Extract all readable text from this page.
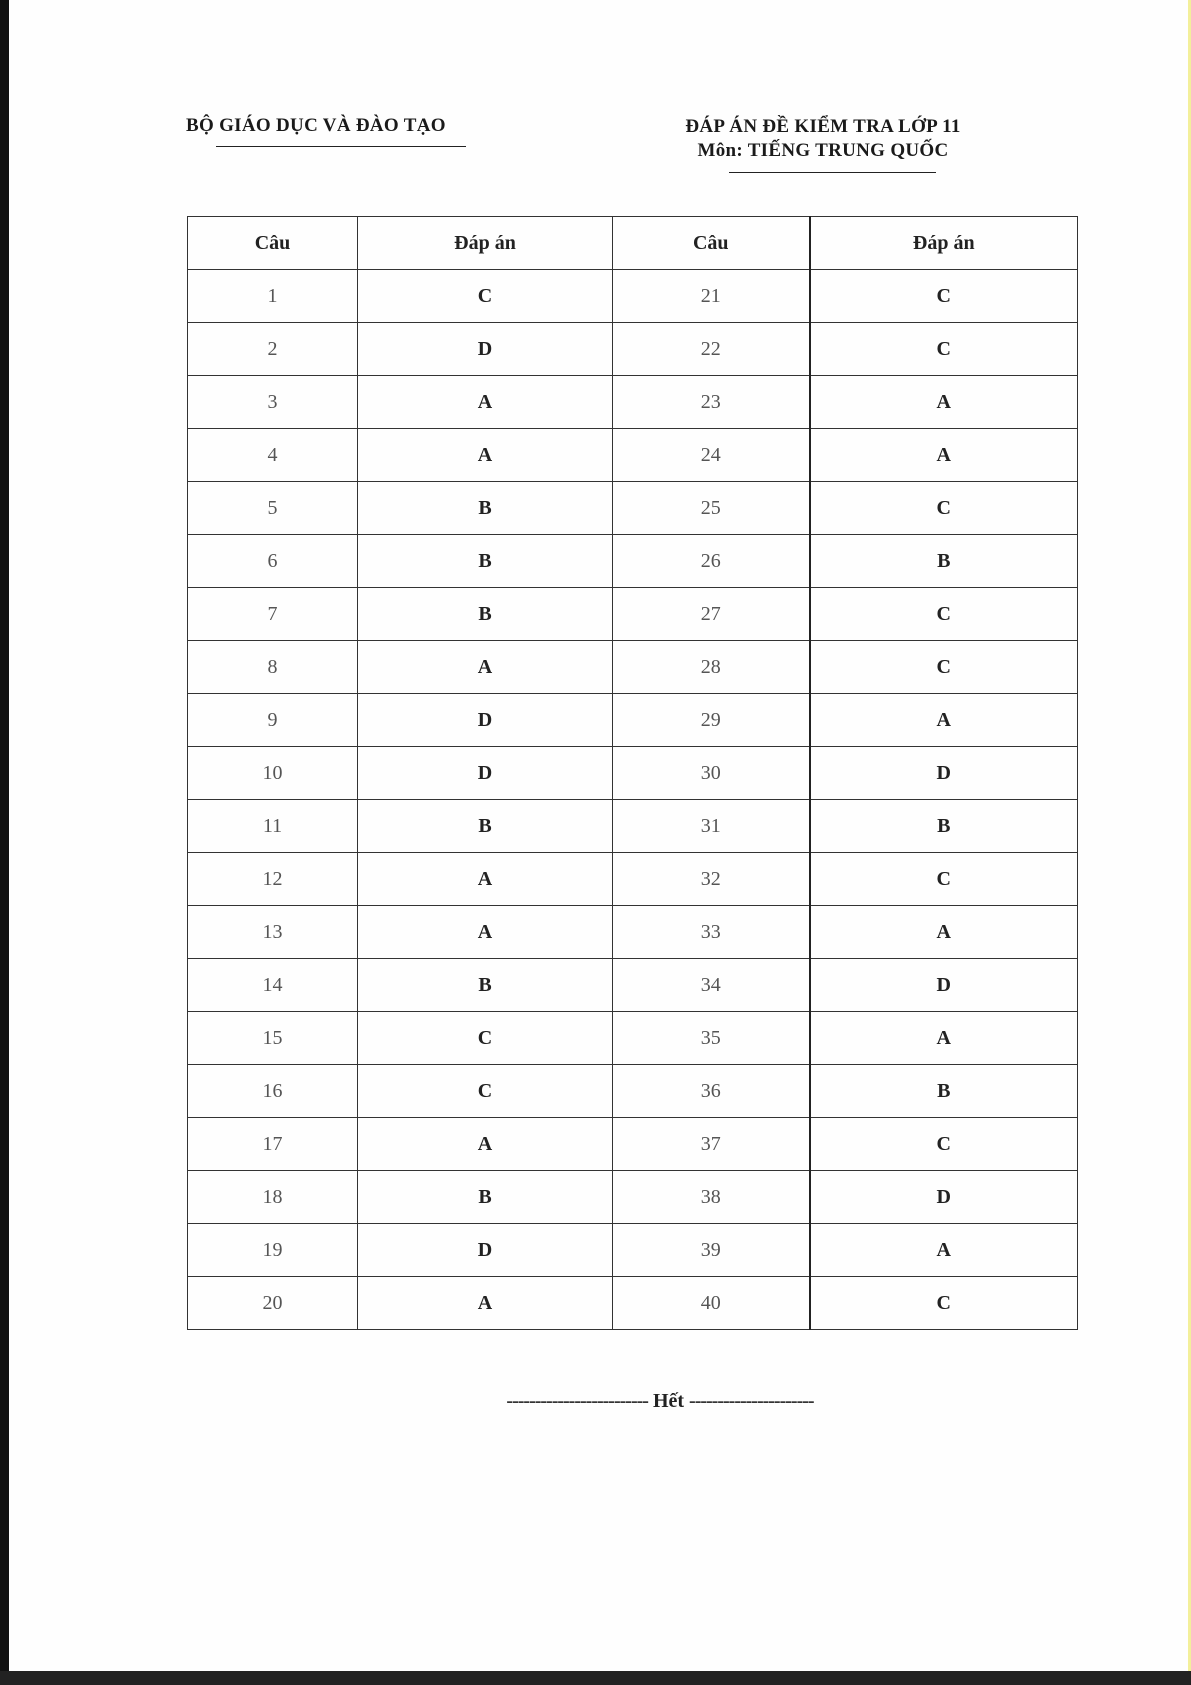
BỘ GIÁO DỤC VÀ ĐÀO TẠO	ĐÁP ÁN ĐỀ KIỂM TRA LỚP 11
Môn: TIẾNG TRUNG QUỐC
Câu	Đáp án	Câu	Đáp án
1	C	21	C
2	D	22	C
3	A	23	A
4	A	24	A
5	B	25	C
6	B	26	B
7	B	27	C
8	A	28	C
9	D	29	A
10	D	30	D
11	B	31	B
12	A	32	C
13	A	33	A
14	B	34	D
15	C	35	A
16	C	36	B
17	A	37	C
18	B	38	D
19	D	39	A
20	A	40	C
------------------------- Hết ----------------------
